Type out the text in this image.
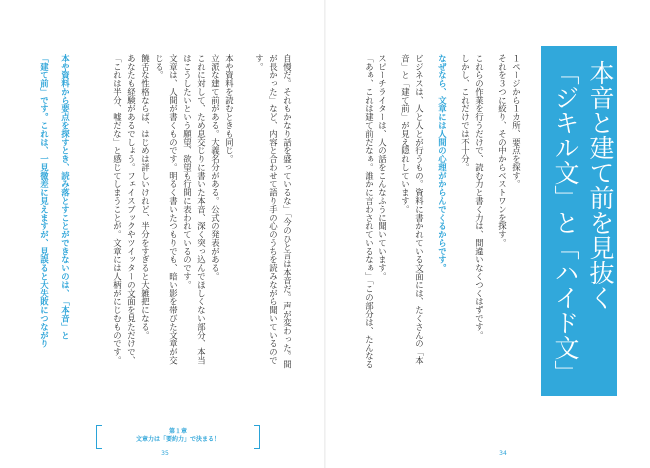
本音と建て前を見抜く
「ジキル文」と「ハイド文」
１ページから１カ所、要点を探す。
それを３つに絞り、その中からベストワンを探す。
これらの作業を行うだけで、読む力と書く力は、間違いなくつくはずです。
しかし、これだけでは不十分。
なぜなら、文章には人間の心理がからんでくるからです。
ビジネスは、人と人とが行うもの。資料に書かれている文面には、たくさんの「本
音」と「建て前」が見え隠れしています。
スピーチライターは、人の話をこんなふうに聞いています。
「あぁ、これは建て前だなぁ。誰かに言わされているなぁ」「この部分は、たんなる
自慢だ。それもかなり話を盛っているな」「今のひと言は本音だ。声が変わった。間
が長かった」など、内容と合わせて語り手の心のうちを読みながら聞いているので
す。
本や資料を読むときも同じ。
立派な建て前がある。大義名分がある。公式の発表がある。
これに対して、ため息交じりに書いた本音、深く突っ込んでほしくない部分、本当
はこうしたいという願望、欲望も行間に表われているのです。
文章は、人間が書くものです。明るく書いたつもりでも、暗い影を帯びた文章が交
じる。
饒舌な性格ならば、はじめは詳しいけれど、半分をすぎると大雑把になる。
あなたも経験があるでしょう。フェイスブックやツイッターの文面を見ただけで、
「これは半分、嘘だな」と感じてしまうことが。文章には人柄がにじむものです。
本や資料から要点を探すとき、読み落とすことができないのは、「本音」と
「建て前」です。これは、一見微差に見えますが、見誤ると大失敗につながり
第１章
文章力は「要約力」で決まる！
35	34
